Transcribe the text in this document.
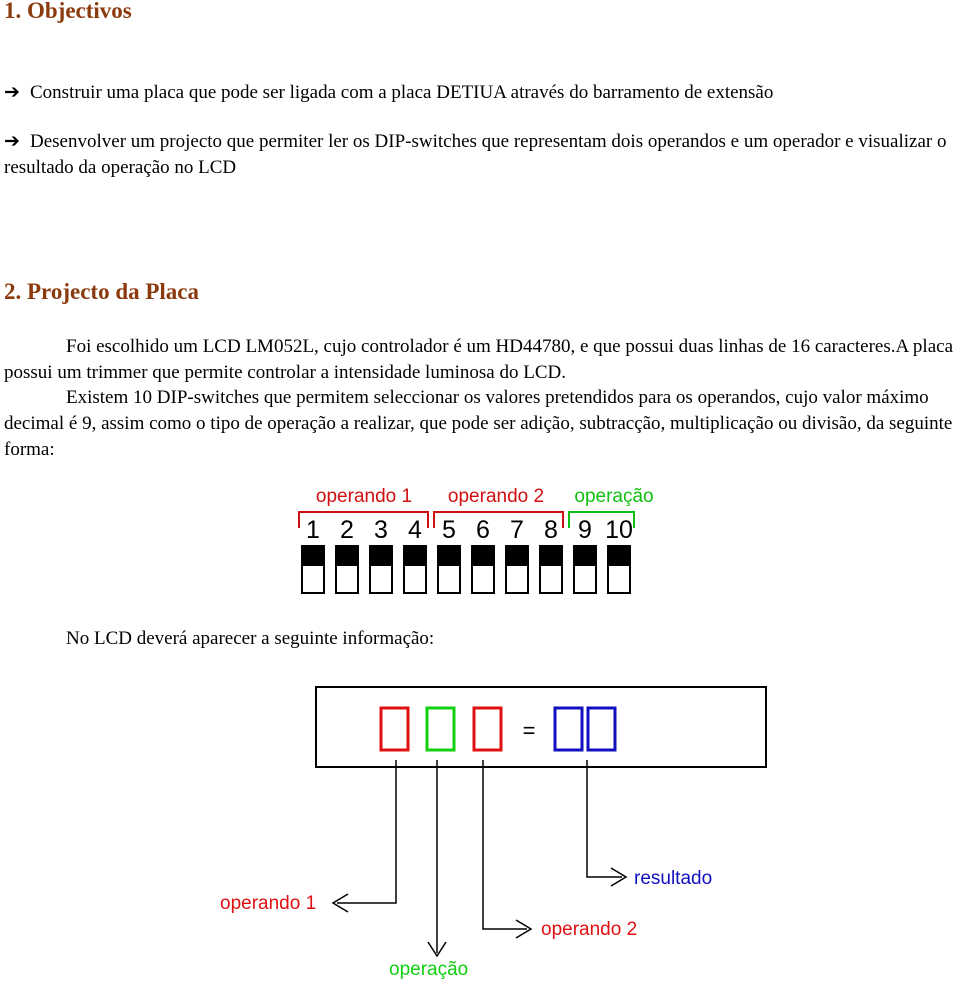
1. Objectivos
➔ Construir uma placa que pode ser ligada com a placa DETIUA através do barramento de extensão
➔ Desenvolver um projecto que permiter ler os DIP-switches que representam dois operandos e um operador e visualizar o resultado da operação no LCD
2. Projecto da Placa

Foi escolhido um LCD LM052L, cujo controlador é um HD44780, e que possui duas linhas de 16 caracteres.A placa possui um trimmer que permite controlar a intensidade luminosa do LCD.

Existem 10 DIP-switches que permitem seleccionar os valores pretendidos para os operandos, cujo valor máximo decimal é 9, assim como o tipo de operação a realizar, que pode ser adição, subtracção, multiplicação ou divisão, da seguinte forma:

operando 1 operando 2 operação
1 2 3 4 5 6 7 8 9 10
No LCD deverá aparecer a seguinte informação:
=
operando 1
operação
operando 2
resultado
